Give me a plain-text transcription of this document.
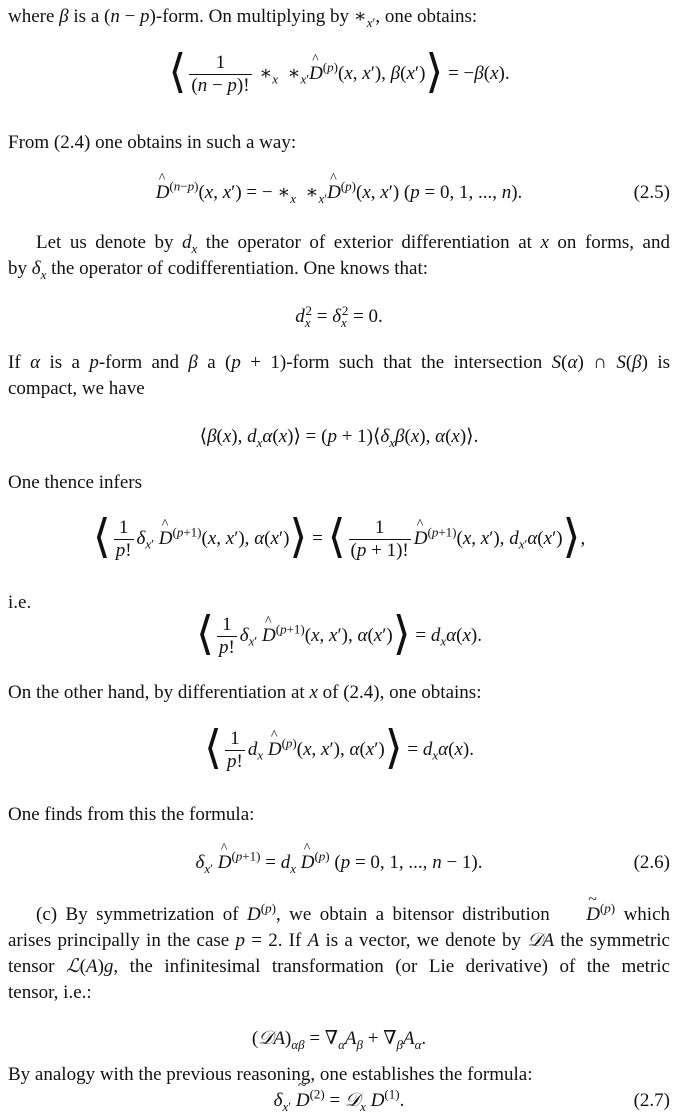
where β is a (n − p)-form. On multiplying by $∗_{x'}$, one obtains:
⟨ $\frac{1}{(n - p)!}$ $∗_x$  $∗_{x'}\^{}$ $D^{(p)}(x$, x′), β(x′)⟩ = −β(x).
From (2.4) one obtains in such a way:
^ $D^{(n-p)}(x$, x′) = − $∗_x$  $∗_{x'}\^{}$ $D^{(p)}(x$, x′) (p = 0, 1, ..., n).	(2.5)
Let us denote by $d_x$ the operator of exterior differentiation at x on forms, and
by $\delta_x$ the operator of codifferentiation. One knows that:
$d_x^2 = \delta_x^2 = 0$.
If α is a p-form and β a (p + 1)-form such that the intersection S(α) ∩ S(β) is
compact, we have
⟨β(x), $d_x\alpha(x)⟩ = (p$ + $1)⟨\delta_x\beta(x)$, α(x)⟩.
One thence infers
⟨ $\frac{1}{p!} \delta_{x'}$ ^ $D^{(p+1)}(x$, x′), α(x′)⟩ = ⟨ $\frac{1}{(p + 1)!}$ ^ $D^{(p+1)}(x$, x′), $d_{x'}\alpha(x')⟩$,
i.e.
⟨ $\frac{1}{p!} \delta_{x'}$ ^ $D^{(p+1)}(x$, x′), α(x′)⟩ = $d_x\alpha(x)$.
On the other hand, by differentiation at x of (2.4), one obtains:
⟨ $\frac{1}{p!} d_x$ ^ $D^{(p)}(x$, x′), α(x′)⟩ = $d_x\alpha(x)$.
One finds from this the formula:
$\delta_{x'}$ ^ $D^{(p+1)} = d_x$ ^ $D^{(p)}$ (p = 0, 1, ..., n − 1).	(2.6)
(c) By symmetrization of $D^{(p)}$, we obtain a bitensor distribution ~ $D^{(p)}$ which
arises principally in the case p = 2. If A is a vector, we denote by 𝒟A the symmetric
tensor ℒ(A)g, the infinitesimal transformation (or Lie derivative) of the metric
tensor, i.e.:
$(𝒟A)_{\alpha\beta} = \nabla_\alpha A_\beta + \nabla_\beta A_\alpha$.
By analogy with the previous reasoning, one establishes the formula:
$\delta_{x'}$ ~ $D^{(2)}$ = 𝒟$_x$ $D^{(1)}$.	(2.7)
